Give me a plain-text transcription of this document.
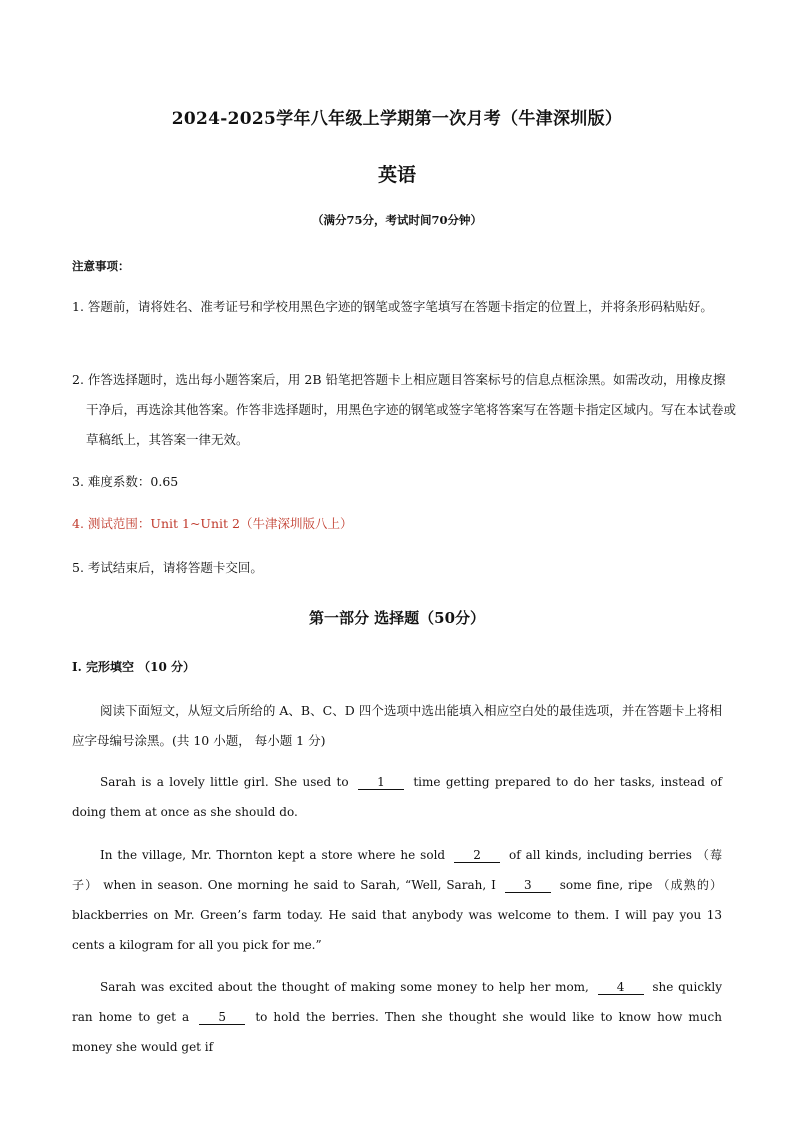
2024-2025学年八年级上学期第一次月考（牛津深圳版）
英语
（满分75分，考试时间70分钟）
注意事项：
1. 答题前，请将姓名、准考证号和学校用黑色字迹的钢笔或签字笔填写在答题卡指定的位置上，并将条形码粘贴好。
2. 作答选择题时，选出每小题答案后，用 2B 铅笔把答题卡上相应题目答案标号的信息点框涂黑。如需改动，用橡皮擦干净后，再选涂其他答案。作答非选择题时，用黑色字迹的钢笔或签字笔将答案写在答题卡指定区域内。写在本试卷或草稿纸上，其答案一律无效。
3. 难度系数：0.65
4. 测试范围：Unit 1~Unit 2（牛津深圳版八上）
5. 考试结束后，请将答题卡交回。
第一部分 选择题（50分）
I. 完形填空 （10 分）
阅读下面短文，从短文后所给的 A、B、C、D 四个选项中选出能填入相应空白处的最佳选项，并在答题卡上将相应字母编号涂黑。(共 10 小题， 每小题 1 分)
Sarah is a lovely little girl. She used to 1 time getting prepared to do her tasks, instead of doing them at once as she should do.
In the village, Mr. Thornton kept a store where he sold 2 of all kinds, including berries （莓子） when in season. One morning he said to Sarah, “Well, Sarah, I 3 some fine, ripe （成熟的） blackberries on Mr. Green’s farm today. He said that anybody was welcome to them. I will pay you 13 cents a kilogram for all you pick for me.”
Sarah was excited about the thought of making some money to help her mom, 4 she quickly ran home to get a 5 to hold the berries. Then she thought she would like to know how much money she would get if
